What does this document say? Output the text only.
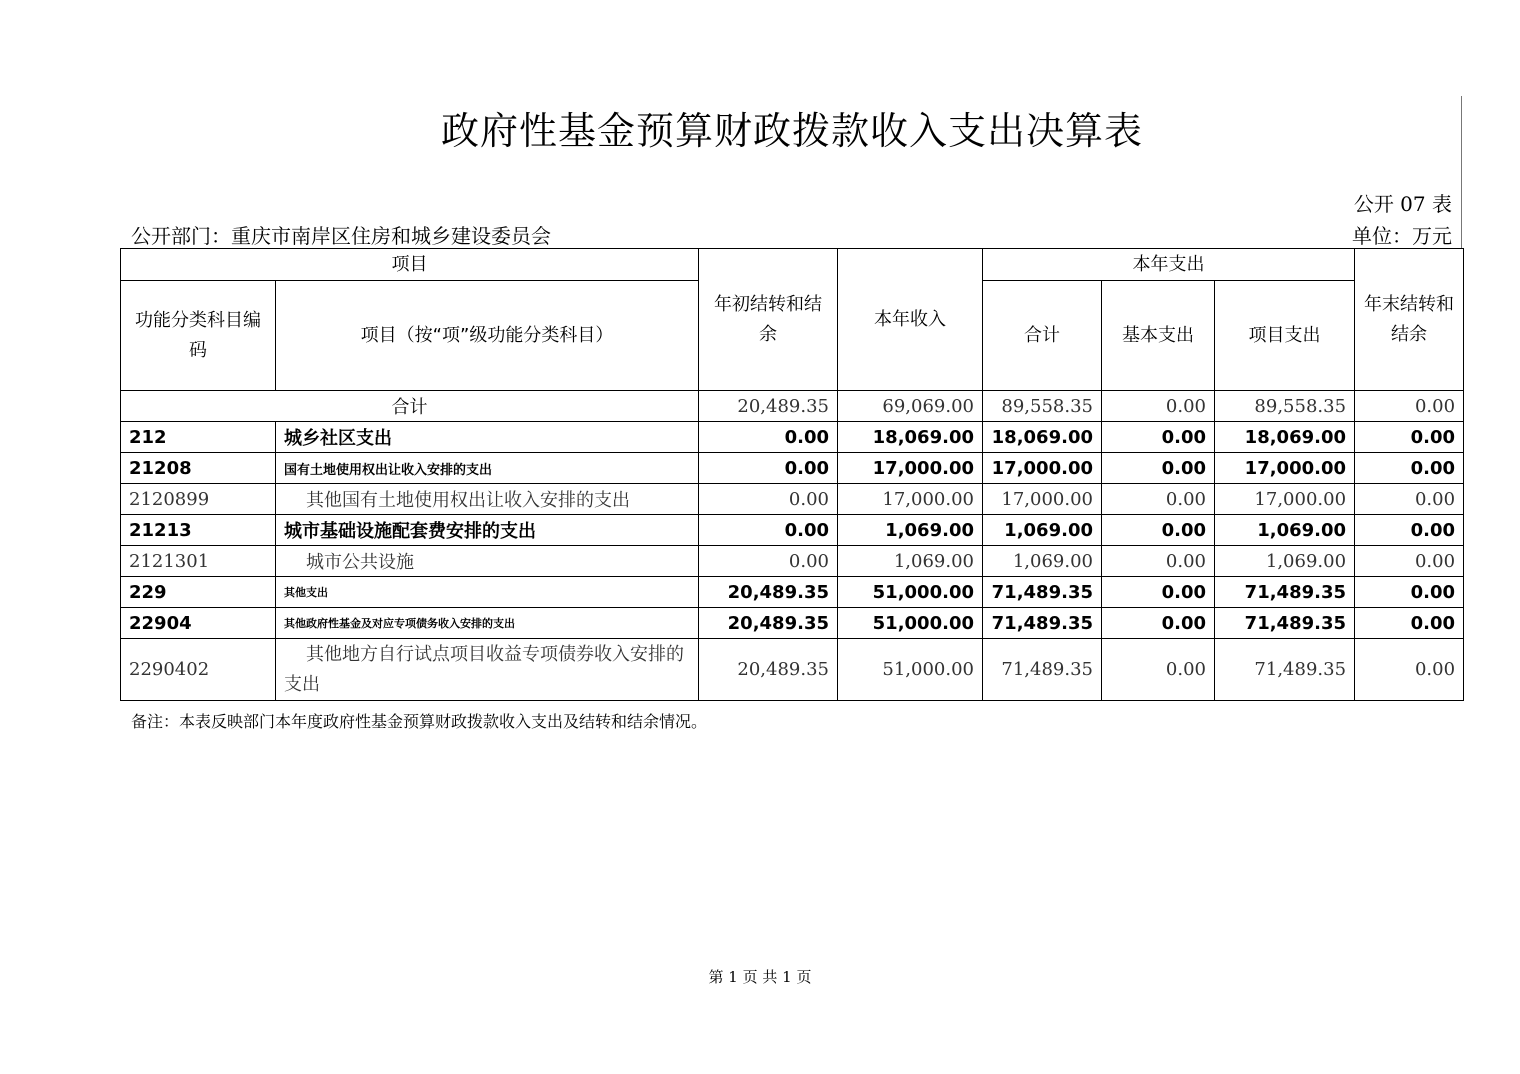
政府性基金预算财政拨款收入支出决算表
公开 07 表
公开部门：重庆市南岸区住房和城乡建设委员会	单位：万元
项目		年初结转和结余	本年收入	本年支出			年末结转和结余
功能分类科目编码	项目（按“项”级功能分类科目）			合计	基本支出	项目支出	
合计		20,489.35	69,069.00	89,558.35	0.00	89,558.35	0.00
212	城乡社区支出	0.00	18,069.00	18,069.00	0.00	18,069.00	0.00
21208	国有土地使用权出让收入安排的支出	0.00	17,000.00	17,000.00	0.00	17,000.00	0.00
2120899	其他国有土地使用权出让收入安排的支出	0.00	17,000.00	17,000.00	0.00	17,000.00	0.00
21213	城市基础设施配套费安排的支出	0.00	1,069.00	1,069.00	0.00	1,069.00	0.00
2121301	城市公共设施	0.00	1,069.00	1,069.00	0.00	1,069.00	0.00
229	其他支出	20,489.35	51,000.00	71,489.35	0.00	71,489.35	0.00
22904	其他政府性基金及对应专项债务收入安排的支出	20,489.35	51,000.00	71,489.35	0.00	71,489.35	0.00
2290402	其他地方自行试点项目收益专项债券收入安排的支出	20,489.35	51,000.00	71,489.35	0.00	71,489.35	0.00
备注：本表反映部门本年度政府性基金预算财政拨款收入支出及结转和结余情况。
第 1 页 共 1 页
